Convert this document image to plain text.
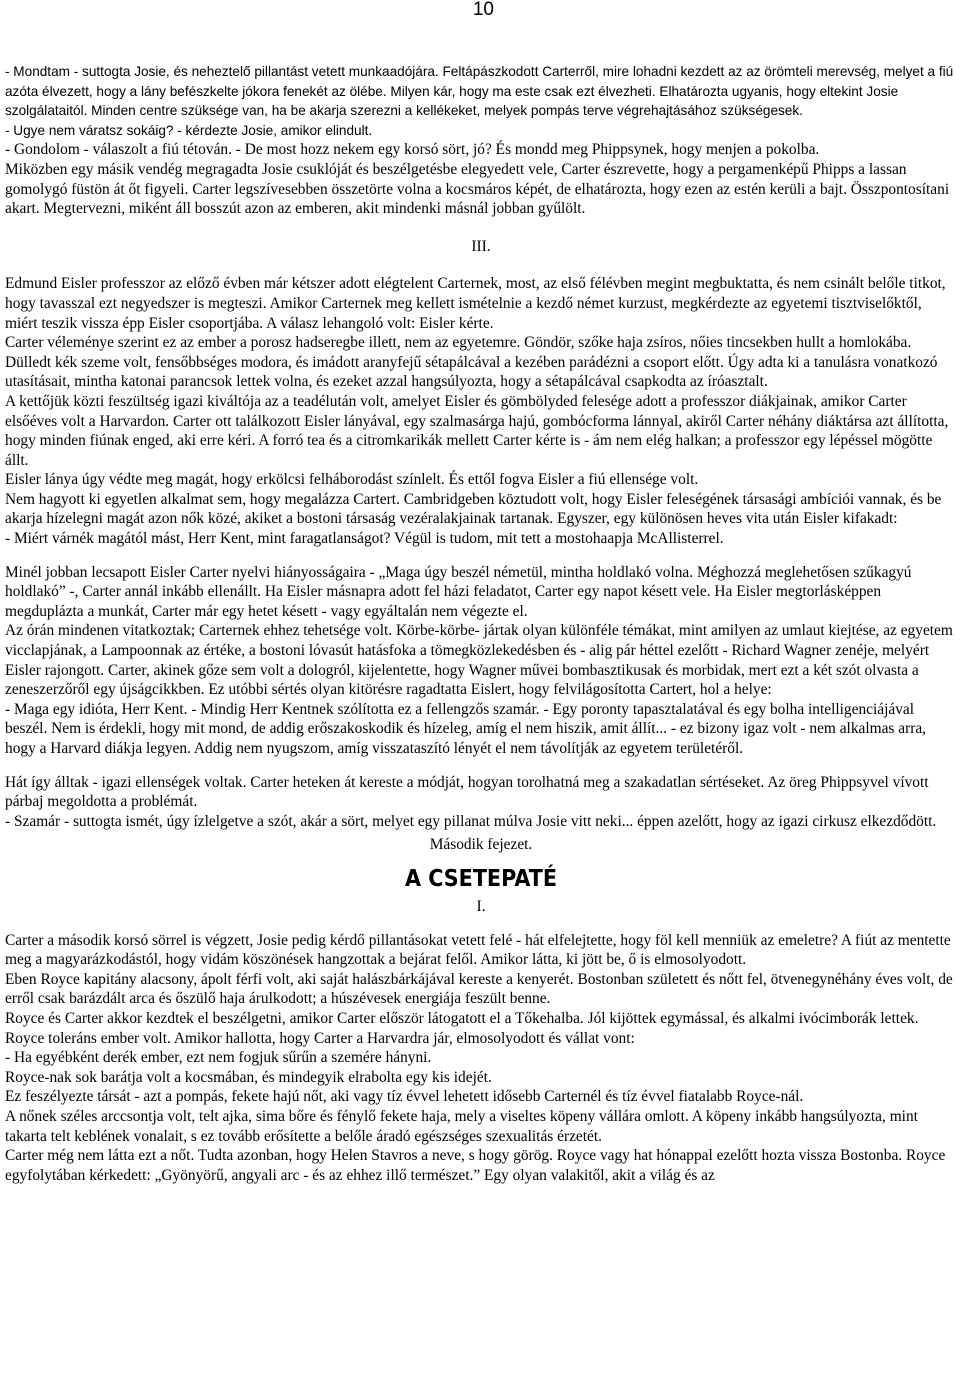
10

- Mondtam - suttogta Josie, és neheztelő pillantást vetett munkaadójára. Feltápászkodott Carterről, mire lohadni kezdett az az örömteli merevség, melyet a fiú azóta élvezett, hogy a lány befészkelte jókora fenekét az ölébe. Milyen kár, hogy ma este csak ezt élvezheti. Elhatározta ugyanis, hogy eltekint Josie szolgálataitól. Minden centre szüksége van, ha be akarja szerezni a kellékeket, melyek pompás terve végrehajtásához szükségesek.

- Ugye nem váratsz sokáig? - kérdezte Josie, amikor elindult.

- Gondolom - válaszolt a fiú tétován. - De most hozz nekem egy korsó sört, jó? És mondd meg Phippsynek, hogy menjen a pokolba.

Miközben egy másik vendég megragadta Josie csuklóját és beszélgetésbe elegyedett vele, Carter észrevette, hogy a pergamenképű Phipps a lassan gomolygó füstön át őt figyeli. Carter legszívesebben összetörte volna a kocsmáros képét, de elhatározta, hogy ezen az estén kerüli a bajt. Összpontosítani akart. Megtervezni, miként áll bosszút azon az emberen, akit mindenki másnál jobban gyűlölt.

III.

Edmund Eisler professzor az előző évben már kétszer adott elégtelent Carternek, most, az első félévben megint megbuktatta, és nem csinált belőle titkot, hogy tavasszal ezt negyedszer is megteszi. Amikor Carternek meg kellett ismételnie a kezdő német kurzust, megkérdezte az egyetemi tisztviselőktől, miért teszik vissza épp Eisler csoportjába. A válasz lehangoló volt: Eisler kérte.

Carter véleménye szerint ez az ember a porosz hadseregbe illett, nem az egyetemre. Göndör, szőke haja zsíros, nőies tincsekben hullt a homlokába. Dülledt kék szeme volt, fensőbbséges modora, és imádott aranyfejű sétapálcával a kezében parádézni a csoport előtt. Úgy adta ki a tanulásra vonatkozó utasításait, mintha katonai parancsok lettek volna, és ezeket azzal hangsúlyozta, hogy a sétapálcával csapkodta az íróasztalt.

A kettőjük közti feszültség igazi kiváltója az a teadélután volt, amelyet Eisler és gömbölyded felesége adott a professzor diákjainak, amikor Carter elsőéves volt a Harvardon. Carter ott találkozott Eisler lányával, egy szalmasárga hajú, gombócforma lánnyal, akiről Carter néhány diáktársa azt állította, hogy minden fiúnak enged, aki erre kéri. A forró tea és a citromkarikák mellett Carter kérte is - ám nem elég halkan; a professzor egy lépéssel mögötte állt.

Eisler lánya úgy védte meg magát, hogy erkölcsi felháborodást színlelt. És ettől fogva Eisler a fiú ellensége volt.

Nem hagyott ki egyetlen alkalmat sem, hogy megalázza Cartert. Cambridgeben köztudott volt, hogy Eisler feleségének társasági ambíciói vannak, és be akarja hízelegni magát azon nők közé, akiket a bostoni társaság vezéralakjainak tartanak. Egyszer, egy különösen heves vita után Eisler kifakadt:

- Miért várnék magától mást, Herr Kent, mint faragatlanságot? Végül is tudom, mit tett a mostohaapja McAllisterrel.

Minél jobban lecsapott Eisler Carter nyelvi hiányosságaira - „Maga úgy beszél németül, mintha holdlakó volna. Méghozzá meglehetősen szűkagyú holdlakó” -, Carter annál inkább ellenállt. Ha Eisler másnapra adott fel házi feladatot, Carter egy napot késett vele. Ha Eisler megtorlásképpen megduplázta a munkát, Carter már egy hetet késett - vagy egyáltalán nem végezte el.

Az órán mindenen vitatkoztak; Carternek ehhez tehetsége volt. Körbe-körbe- jártak olyan különféle témákat, mint amilyen az umlaut kiejtése, az egyetem vicclapjának, a Lampoonnak az értéke, a bostoni lóvasút hatásfoka a tömegközlekedésben és - alig pár héttel ezelőtt - Richard Wagner zenéje, melyért Eisler rajongott. Carter, akinek gőze sem volt a dologról, kijelentette, hogy Wagner művei bombasztikusak és morbidak, mert ezt a két szót olvasta a zeneszerzőről egy újságcikkben. Ez utóbbi sértés olyan kitörésre ragadtatta Eislert, hogy felvilágosította Cartert, hol a helye:

- Maga egy idióta, Herr Kent. - Mindig Herr Kentnek szólította ez a fellengzős szamár. - Egy poronty tapasztalatával és egy bolha intelligenciájával beszél. Nem is érdekli, hogy mit mond, de addig erőszakoskodik és hízeleg, amíg el nem hiszik, amit állít... - ez bizony igaz volt - nem alkalmas arra, hogy a Harvard diákja legyen. Addig nem nyugszom, amíg visszataszító lényét el nem távolítják az egyetem területéről.

Hát így álltak - igazi ellenségek voltak. Carter heteken át kereste a módját, hogyan torolhatná meg a szakadatlan sértéseket. Az öreg Phippsyvel vívott párbaj megoldotta a problémát.

- Szamár - suttogta ismét, úgy ízlelgetve a szót, akár a sört, melyet egy pillanat múlva Josie vitt neki... éppen azelőtt, hogy az igazi cirkusz elkezdődött.

Második fejezet.

A CSETEPATÉ

I.

Carter a második korsó sörrel is végzett, Josie pedig kérdő pillantásokat vetett felé - hát elfelejtette, hogy föl kell menniük az emeletre? A fiút az mentette meg a magyarázkodástól, hogy vidám köszönések hangzottak a bejárat felől. Amikor látta, ki jött be, ő is elmosolyodott.

Eben Royce kapitány alacsony, ápolt férfi volt, aki saját halászbárkájával kereste a kenyerét. Bostonban született és nőtt fel, ötvenegynéhány éves volt, de erről csak barázdált arca és őszülő haja árulkodott; a húszévesek energiája feszült benne.

Royce és Carter akkor kezdtek el beszélgetni, amikor Carter először látogatott el a Tőkehalba. Jól kijöttek egymással, és alkalmi ivócimborák lettek. Royce toleráns ember volt. Amikor hallotta, hogy Carter a Harvardra jár, elmosolyodott és vállat vont:

- Ha egyébként derék ember, ezt nem fogjuk sűrűn a szemére hányni.

Royce-nak sok barátja volt a kocsmában, és mindegyik elrabolta egy kis idejét.

Ez feszélyezte társát - azt a pompás, fekete hajú nőt, aki vagy tíz évvel lehetett idősebb Carternél és tíz évvel fiatalabb Royce-nál.

A nőnek széles arccsontja volt, telt ajka, sima bőre és fénylő fekete haja, mely a viseltes köpeny vállára omlott. A köpeny inkább hangsúlyozta, mint takarta telt keblének vonalait, s ez tovább erősítette a belőle áradó egészséges szexualitás érzetét.

Carter még nem látta ezt a nőt. Tudta azonban, hogy Helen Stavros a neve, s hogy görög. Royce vagy hat hónappal ezelőtt hozta vissza Bostonba. Royce egyfolytában kérkedett: „Gyönyörű, angyali arc - és az ehhez illő természet.” Egy olyan valakitől, akit a világ és az
